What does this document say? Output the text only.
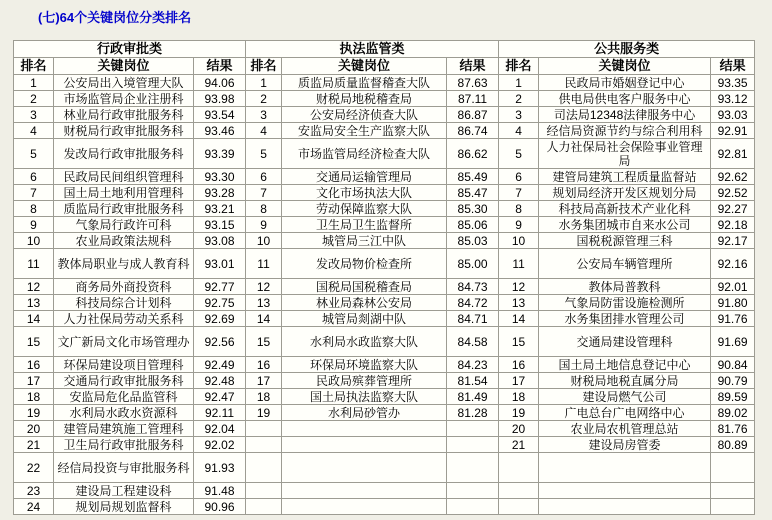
(七)64个关键岗位分类排名
行政审批类			执法监管类			公共服务类		
排名	关键岗位	结果	排名	关键岗位	结果	排名	关键岗位	结果
1	公安局出入境管理大队	94.06	1	质监局质量监督稽查大队	87.63	1	民政局市婚姻登记中心	93.35
2	市场监管局企业注册科	93.98	2	财税局地税稽查局	87.11	2	供电局供电客户服务中心	93.12
3	林业局行政审批服务科	93.54	3	公安局经济侦查大队	86.87	3	司法局12348法律服务中心	93.03
4	财税局行政审批服务科	93.46	4	安监局安全生产监察大队	86.74	4	经信局资源节约与综合利用科	92.91
5	发改局行政审批服务科	93.39	5	市场监管局经济检查大队	86.62	5	人力社保局社会保险事业管理局	92.81
6	民政局民间组织管理科	93.30	6	交通局运输管理局	85.49	6	建管局建筑工程质量监督站	92.62
7	国土局土地利用管理科	93.28	7	文化市场执法大队	85.47	7	规划局经济开发区规划分局	92.52
8	质监局行政审批服务科	93.21	8	劳动保障监察大队	85.30	8	科技局高新技术产业化科	92.27
9	气象局行政许可科	93.15	9	卫生局卫生监督所	85.06	9	水务集团城市自来水公司	92.18
10	农业局政策法规科	93.08	10	城管局三江中队	85.03	10	国税税源管理三科	92.17
11	教体局职业与成人教育科	93.01	11	发改局物价检查所	85.00	11	公安局车辆管理所	92.16
12	商务局外商投资科	92.77	12	国税局国税稽查局	84.73	12	教体局普教科	92.01
13	科技局综合计划科	92.75	13	林业局森林公安局	84.72	13	气象局防雷设施检测所	91.80
14	人力社保局劳动关系科	92.69	14	城管局剡湖中队	84.71	14	水务集团排水管理公司	91.76
15	文广新局文化市场管理办	92.56	15	水利局水政监察大队	84.58	15	交通局建设管理科	91.69
16	环保局建设项目管理科	92.49	16	环保局环境监察大队	84.23	16	国土局土地信息登记中心	90.84
17	交通局行政审批服务科	92.48	17	民政局殡葬管理所	81.54	17	财税局地税直属分局	90.79
18	安监局危化品监管科	92.47	18	国土局执法监察大队	81.49	18	建设局燃气公司	89.59
19	水利局水政水资源科	92.11	19	水利局砂管办	81.28	19	广电总台广电网络中心	89.02
20	建管局建筑施工管理科	92.04				20	农业局农机管理总站	81.76
21	卫生局行政审批服务科	92.02				21	建设局房管委	80.89
22	经信局投资与审批服务科	91.93						
23	建设局工程建设科	91.48						
24	规划局规划监督科	90.96						
